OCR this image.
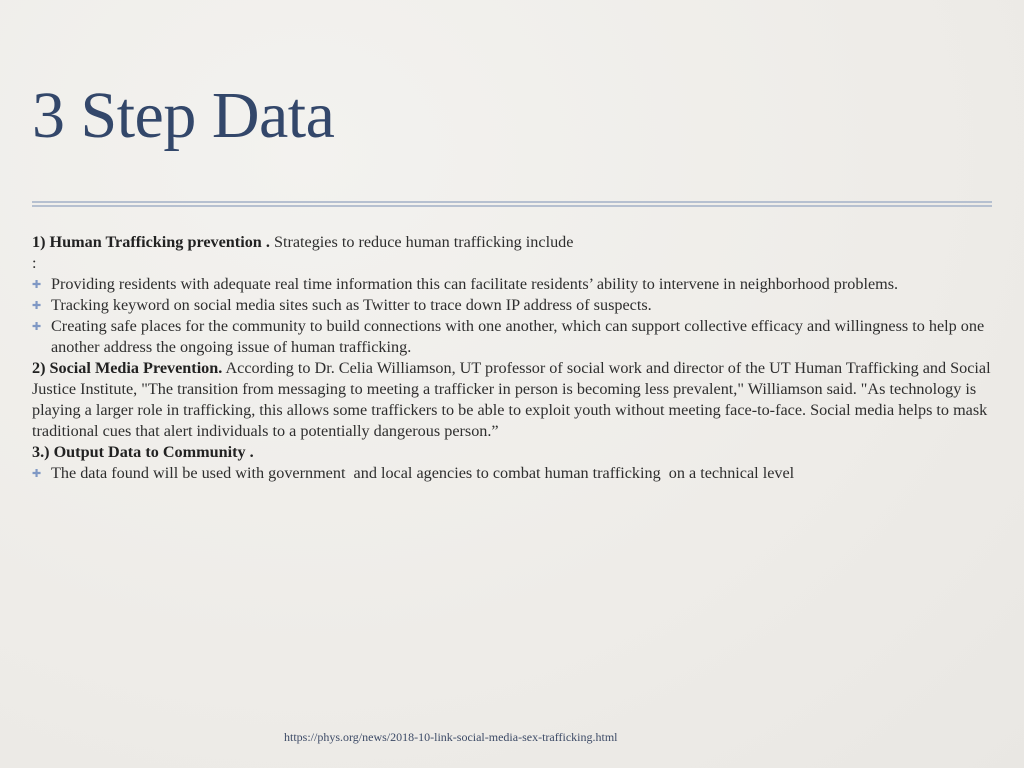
3 Step Data

1) Human Trafficking prevention . Strategies to reduce human trafficking include

:

✚ Providing residents with adequate real time information this can facilitate residents’ ability to intervene in neighborhood problems.

✚ Tracking keyword on social media sites such as Twitter to trace down IP address of suspects.

✚ Creating safe places for the community to build connections with one another, which can support collective efficacy and willingness to help one another address the ongoing issue of human trafficking.

2) Social Media Prevention. According to Dr. Celia Williamson, UT professor of social work and director of the UT Human Trafficking and Social Justice Institute, "The transition from messaging to meeting a trafficker in person is becoming less prevalent," Williamson said. "As technology is playing a larger role in trafficking, this allows some traffickers to be able to exploit youth without meeting face-to-face. Social media helps to mask traditional cues that alert individuals to a potentially dangerous person.”

3.) Output Data to Community .

✚ The data found will be used with government  and local agencies to combat human trafficking  on a technical level

https://phys.org/news/2018-10-link-social-media-sex-trafficking.html
